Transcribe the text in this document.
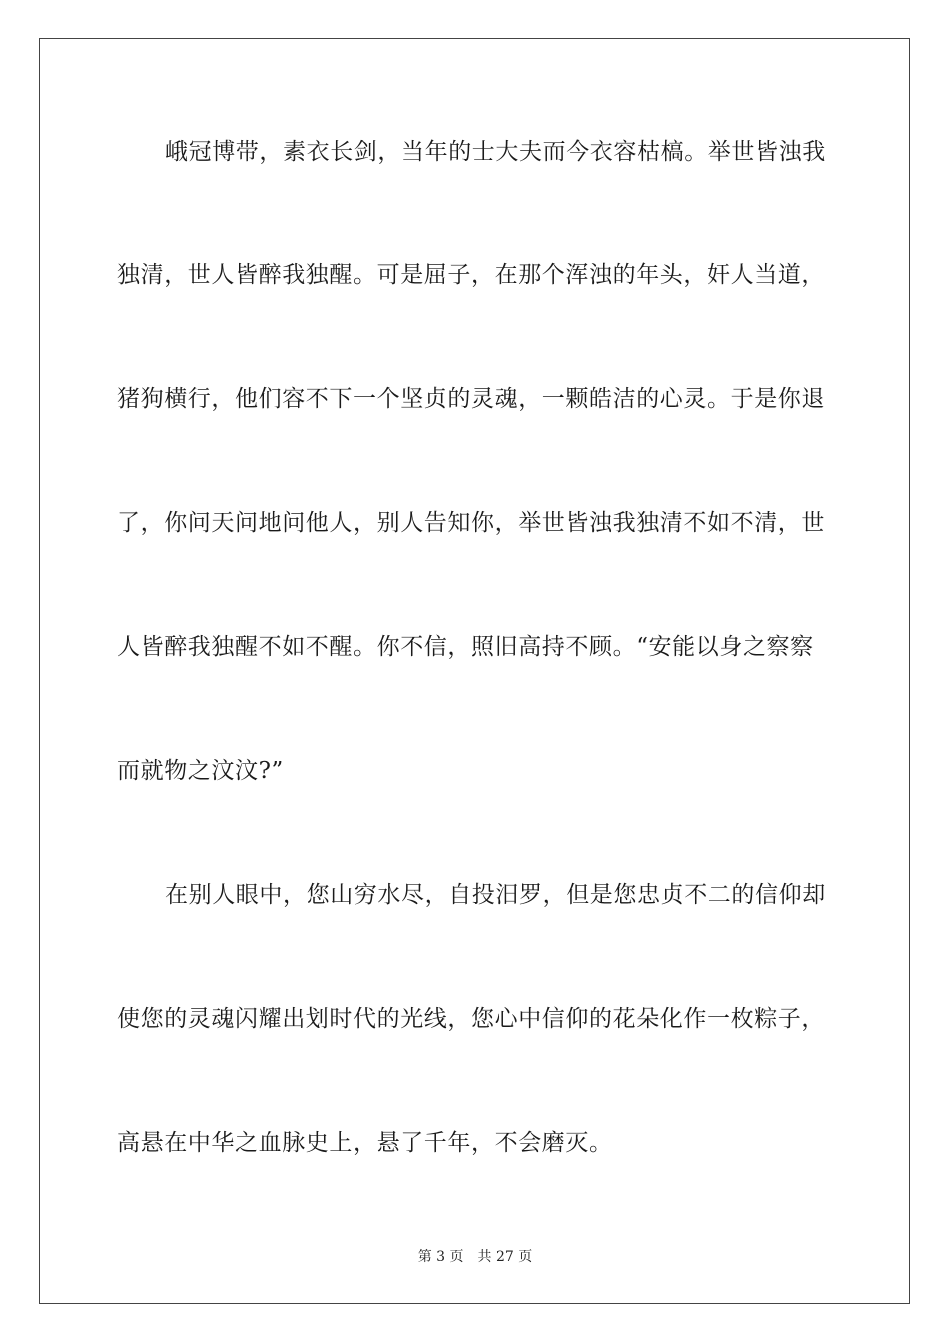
峨冠博带，素衣长剑，当年的士大夫而今衣容枯槁。举世皆浊我
独清，世人皆醉我独醒。可是屈子，在那个浑浊的年头，奸人当道，
猪狗横行，他们容不下一个坚贞的灵魂，一颗皓洁的心灵。于是你退
了，你问天问地问他人，别人告知你，举世皆浊我独清不如不清，世
人皆醉我独醒不如不醒。你不信，照旧高持不顾。“安能以身之察察
而就物之汶汶?”
在别人眼中，您山穷水尽，自投汨罗，但是您忠贞不二的信仰却
使您的灵魂闪耀出划时代的光线，您心中信仰的花朵化作一枚粽子，
高悬在中华之血脉史上，悬了千年，不会磨灭。
第 3 页 共 27 页
